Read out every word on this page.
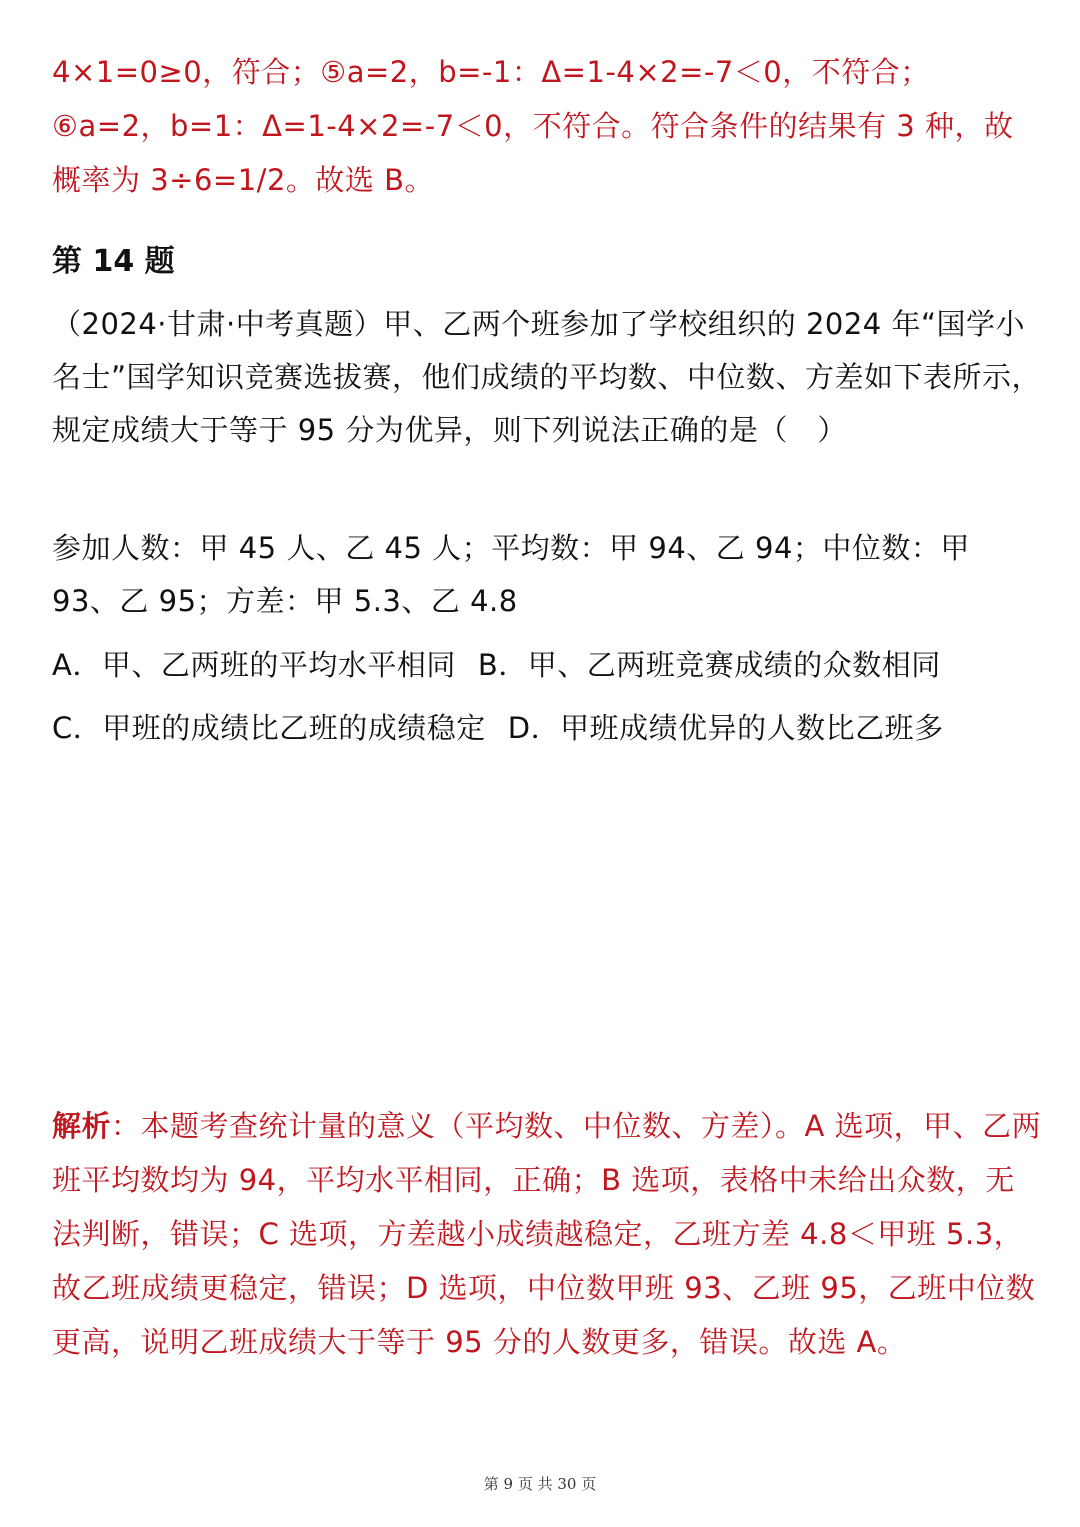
4×1=0≥0，符合；⑤a=2，b=-1：Δ=1-4×2=-7＜0，不符合；⑥a=2，b=1：Δ=1-4×2=-7＜0，不符合。符合条件的结果有 3 种，故概率为 3÷6=1/2。故选 B。

第 14 题

（2024·甘肃·中考真题）甲、乙两个班参加了学校组织的 2024 年“国学小名士”国学知识竞赛选拔赛，他们成绩的平均数、中位数、方差如下表所示，规定成绩大于等于 95 分为优异，则下列说法正确的是（　）

参加人数：甲 45 人、乙 45 人；平均数：甲 94、乙 94；中位数：甲 93、乙 95；方差：甲 5.3、乙 4.8

A．甲、乙两班的平均水平相同 B．甲、乙两班竞赛成绩的众数相同

C．甲班的成绩比乙班的成绩稳定 D．甲班成绩优异的人数比乙班多

解析：本题考查统计量的意义（平均数、中位数、方差）。A 选项，甲、乙两班平均数均为 94，平均水平相同，正确；B 选项，表格中未给出众数，无法判断，错误；C 选项，方差越小成绩越稳定，乙班方差 4.8＜甲班 5.3，故乙班成绩更稳定，错误；D 选项，中位数甲班 93、乙班 95，乙班中位数更高，说明乙班成绩大于等于 95 分的人数更多，错误。故选 A。

第 9 页 共 30 页
